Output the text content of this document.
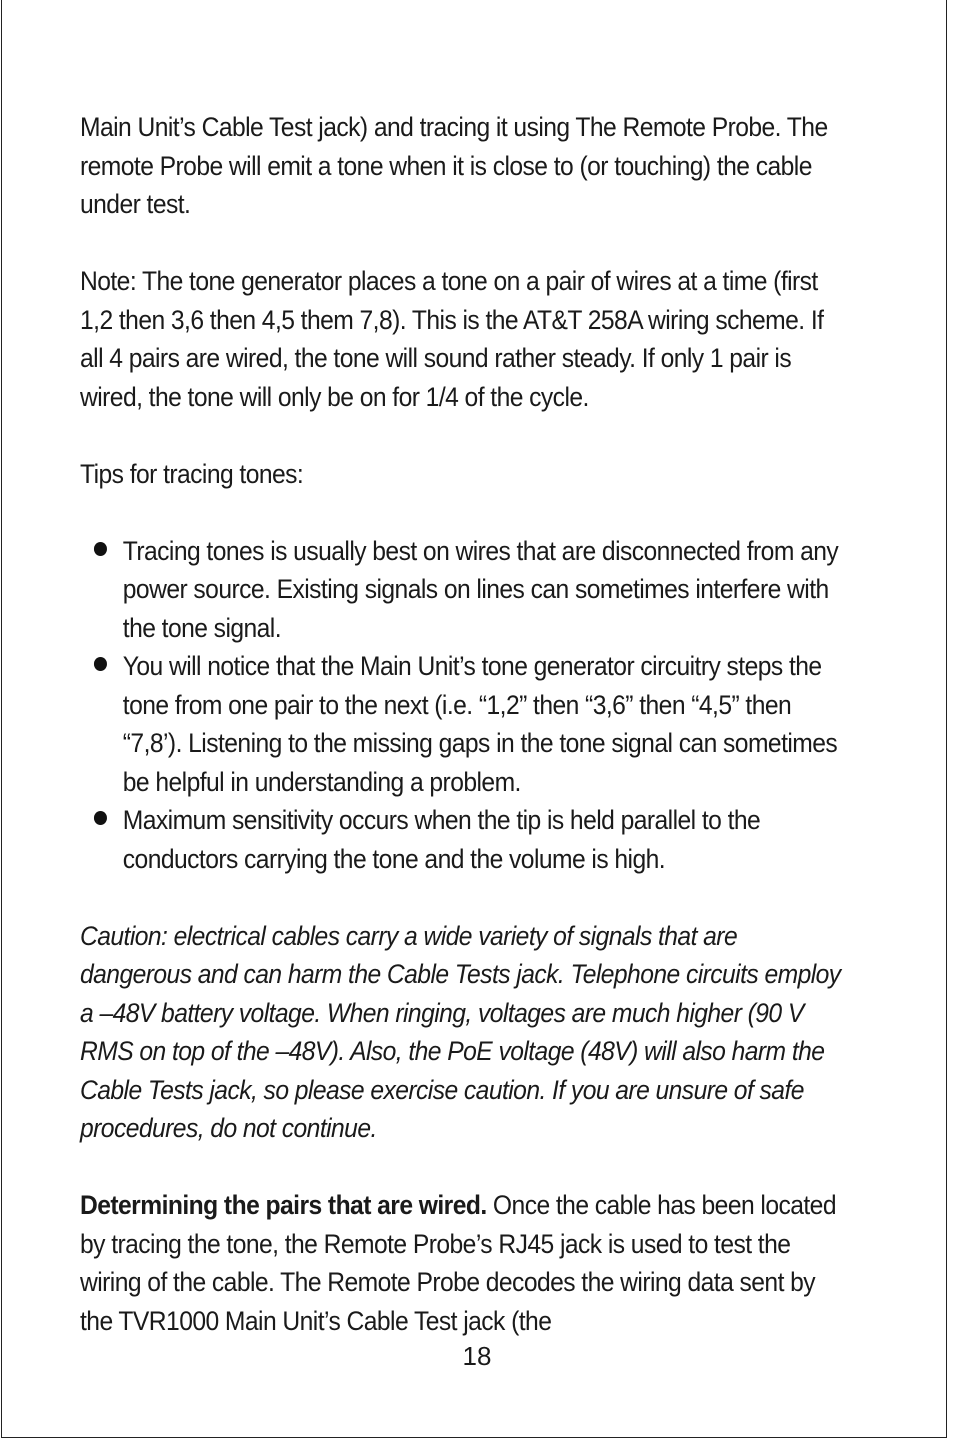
Main Unit’s Cable Test jack) and tracing it using The Remote Probe. The remote Probe will emit a tone when it is close to (or touching) the cable under test.

Note: The tone generator places a tone on a pair of wires at a time (first 1,2 then 3,6 then 4,5 them 7,8). This is the AT&T 258A wiring scheme. If all 4 pairs are wired, the tone will sound rather steady. If only 1 pair is wired, the tone will only be on for 1/4 of the cycle.

Tips for tracing tones:

Tracing tones is usually best on wires that are disconnected from any power source. Existing signals on lines can sometimes interfere with the tone signal.
You will notice that the Main Unit’s tone generator circuitry steps the tone from one pair to the next (i.e. “1,2” then “3,6” then “4,5” then “7,8’). Listening to the missing gaps in the tone signal can sometimes be helpful in understanding a problem.
Maximum sensitivity occurs when the tip is held parallel to the conductors carrying the tone and the volume is high.

Caution: electrical cables carry a wide variety of signals that are dangerous and can harm the Cable Tests jack. Telephone circuits employ a –48V battery voltage. When ringing, voltages are much higher (90 V RMS on top of the –48V). Also, the PoE voltage (48V) will also harm the Cable Tests jack, so please exercise caution. If you are unsure of safe procedures, do not continue.

Determining the pairs that are wired. Once the cable has been located by tracing the tone, the Remote Probe’s RJ45 jack is used to test the wiring of the cable. The Remote Probe decodes the wiring data sent by the TVR1000 Main Unit’s Cable Test jack (the

18
